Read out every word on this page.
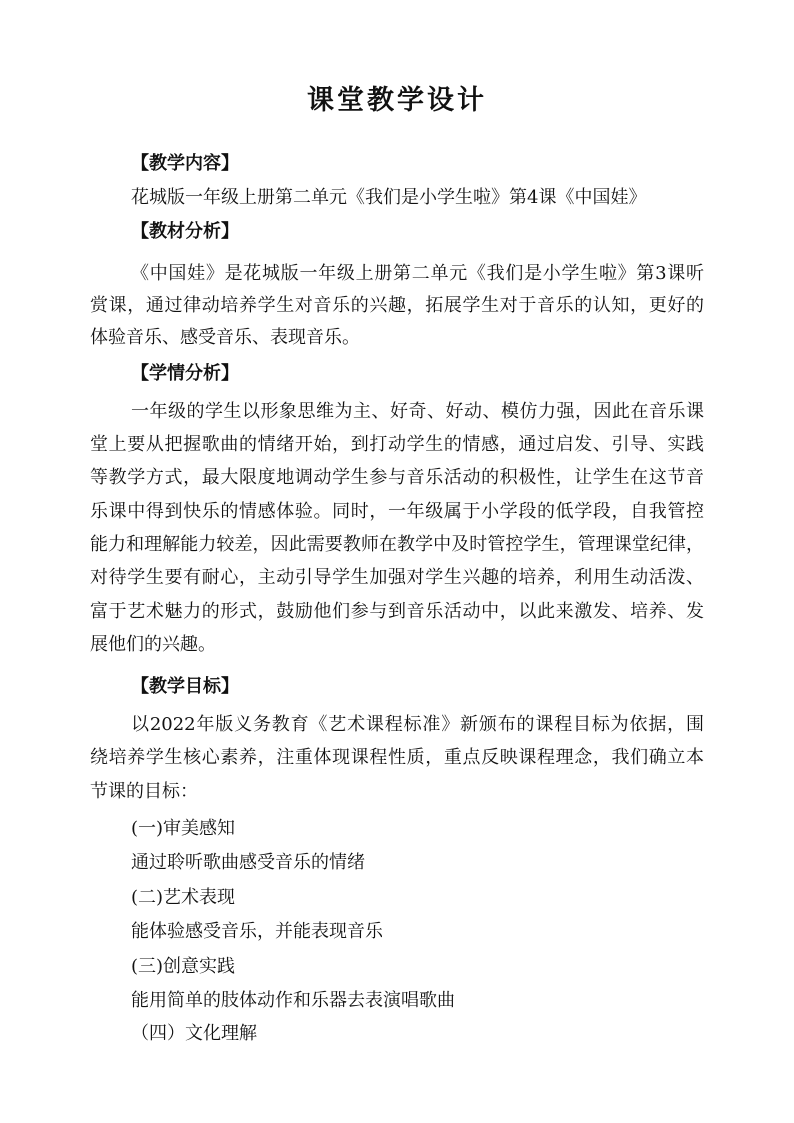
课堂教学设计
【教学内容】
花城版一年级上册第二单元《我们是小学生啦》第4课《中国娃》
【教材分析】
《中国娃》是花城版一年级上册第二单元《我们是小学生啦》第3课听
赏课，通过律动培养学生对音乐的兴趣，拓展学生对于音乐的认知，更好的
体验音乐、感受音乐、表现音乐。
【学情分析】
一年级的学生以形象思维为主、好奇、好动、模仿力强，因此在音乐课
堂上要从把握歌曲的情绪开始，到打动学生的情感，通过启发、引导、实践
等教学方式，最大限度地调动学生参与音乐活动的积极性，让学生在这节音
乐课中得到快乐的情感体验。同时，一年级属于小学段的低学段，自我管控
能力和理解能力较差，因此需要教师在教学中及时管控学生，管理课堂纪律，
对待学生要有耐心，主动引导学生加强对学生兴趣的培养，利用生动活泼、
富于艺术魅力的形式，鼓励他们参与到音乐活动中，以此来激发、培养、发
展他们的兴趣。
【教学目标】
以2022年版义务教育《艺术课程标准》新颁布的课程目标为依据，围
绕培养学生核心素养，注重体现课程性质，重点反映课程理念，我们确立本
节课的目标：
(一)审美感知
通过聆听歌曲感受音乐的情绪
(二)艺术表现
能体验感受音乐，并能表现音乐
(三)创意实践
能用简单的肢体动作和乐器去表演唱歌曲
（四）文化理解
